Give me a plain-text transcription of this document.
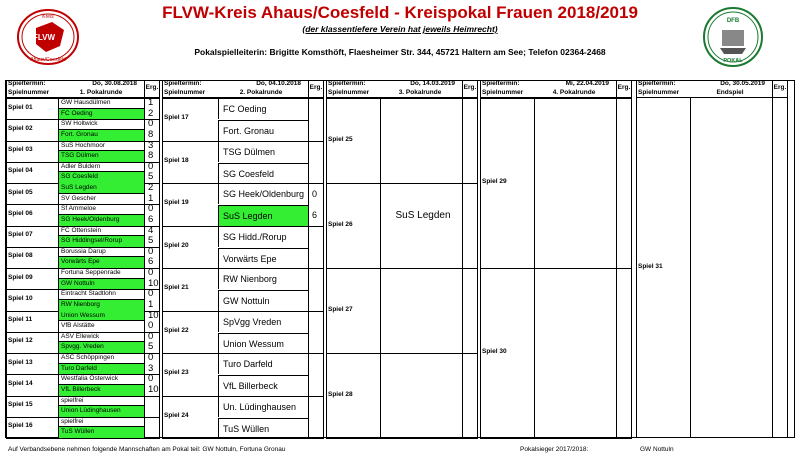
Kreis
Ahaus/Coesfeld
FLVW
DFB
POKAL
FLVW-Kreis Ahaus/Coesfeld - Kreispokal Frauen 2018/2019
(der klassentiefere Verein hat jeweils Heimrecht)
Pokalspielleiterin: Brigitte Komsthöft, Flaesheimer Str. 344, 45721 Haltern am See; Telefon 02364-2468
Spieltermin:	Do, 30.08.2018
Spielnummer	1. Pokalrunde
Erg.
Spieltermin:	Do, 04.10.2018
Spielnummer	2. Pokalrunde
Erg.
Spieltermin:	Do, 14.03.2019
Spielnummer	3. Pokalrunde
Erg.
Spieltermin:	Mi, 22.04.2019
Spielnummer	4. Pokalrunde
Erg.
Spieltermin:	Do, 30.05.2019
Spielnummer	Endspiel
Erg.
Spiel 01
GW Hausdülmen	1
FC Oeding	2
Spiel 02
SW Holtwick	0
Fort. Gronau	8
Spiel 03
SuS Hochmoor	3
TSG Dülmen	8
Spiel 04
Adler Buldern	0
SG Coesfeld	5
Spiel 05
SuS Legden	2
SV Gescher	1
Spiel 06
Sf Ammeloe	0
SG Heek/Oldenburg	6
Spiel 07
FC Ottenstein	4
SG Hiddingsel/Rorup	5
Spiel 08
Borussia Darup	0
Vorwärts Epe	6
Spiel 09
Fortuna Seppenrade	0
GW Nottuln	10
Spiel 10
Eintracht Stadtlohn	0
RW Nienborg	1
Spiel 11
Union Wessum	10
VfB Alstätte	0
Spiel 12
ASV Ellewick	0
Spvgg. Vreden	5
Spiel 13
ASC Schöppingen	0
Turo Darfeld	3
Spiel 14
Westfalia Osterwick	0
VfL Billerbeck	10
Spiel 15
spielfrei
Union Lüdinghausen
Spiel 16
spielfrei
TuS Wüllen
Spiel 17
FC Oeding
Fort. Gronau
Spiel 18
TSG Dülmen
SG Coesfeld
Spiel 19
SG Heek/Oldenburg 0
SuS Legden	6
Spiel 20
SG Hidd./Rorup
Vorwärts Epe
Spiel 21
RW Nienborg
GW Nottuln
Spiel 22
SpVgg Vreden
Union Wessum
Spiel 23
Turo Darfeld
VfL Billerbeck
Spiel 24
Un. Lüdinghausen
TuS Wüllen
Spiel 25
Spiel 26
SuS Legden
Spiel 27
Spiel 28
Spiel 29
Spiel 30
Spiel 31
Auf Verbandsebene nehmen folgende Mannschaften am Pokal teil: GW Nottuln, Fortuna Gronau	Pokalsieger 2017/2018:	GW Nottuln
